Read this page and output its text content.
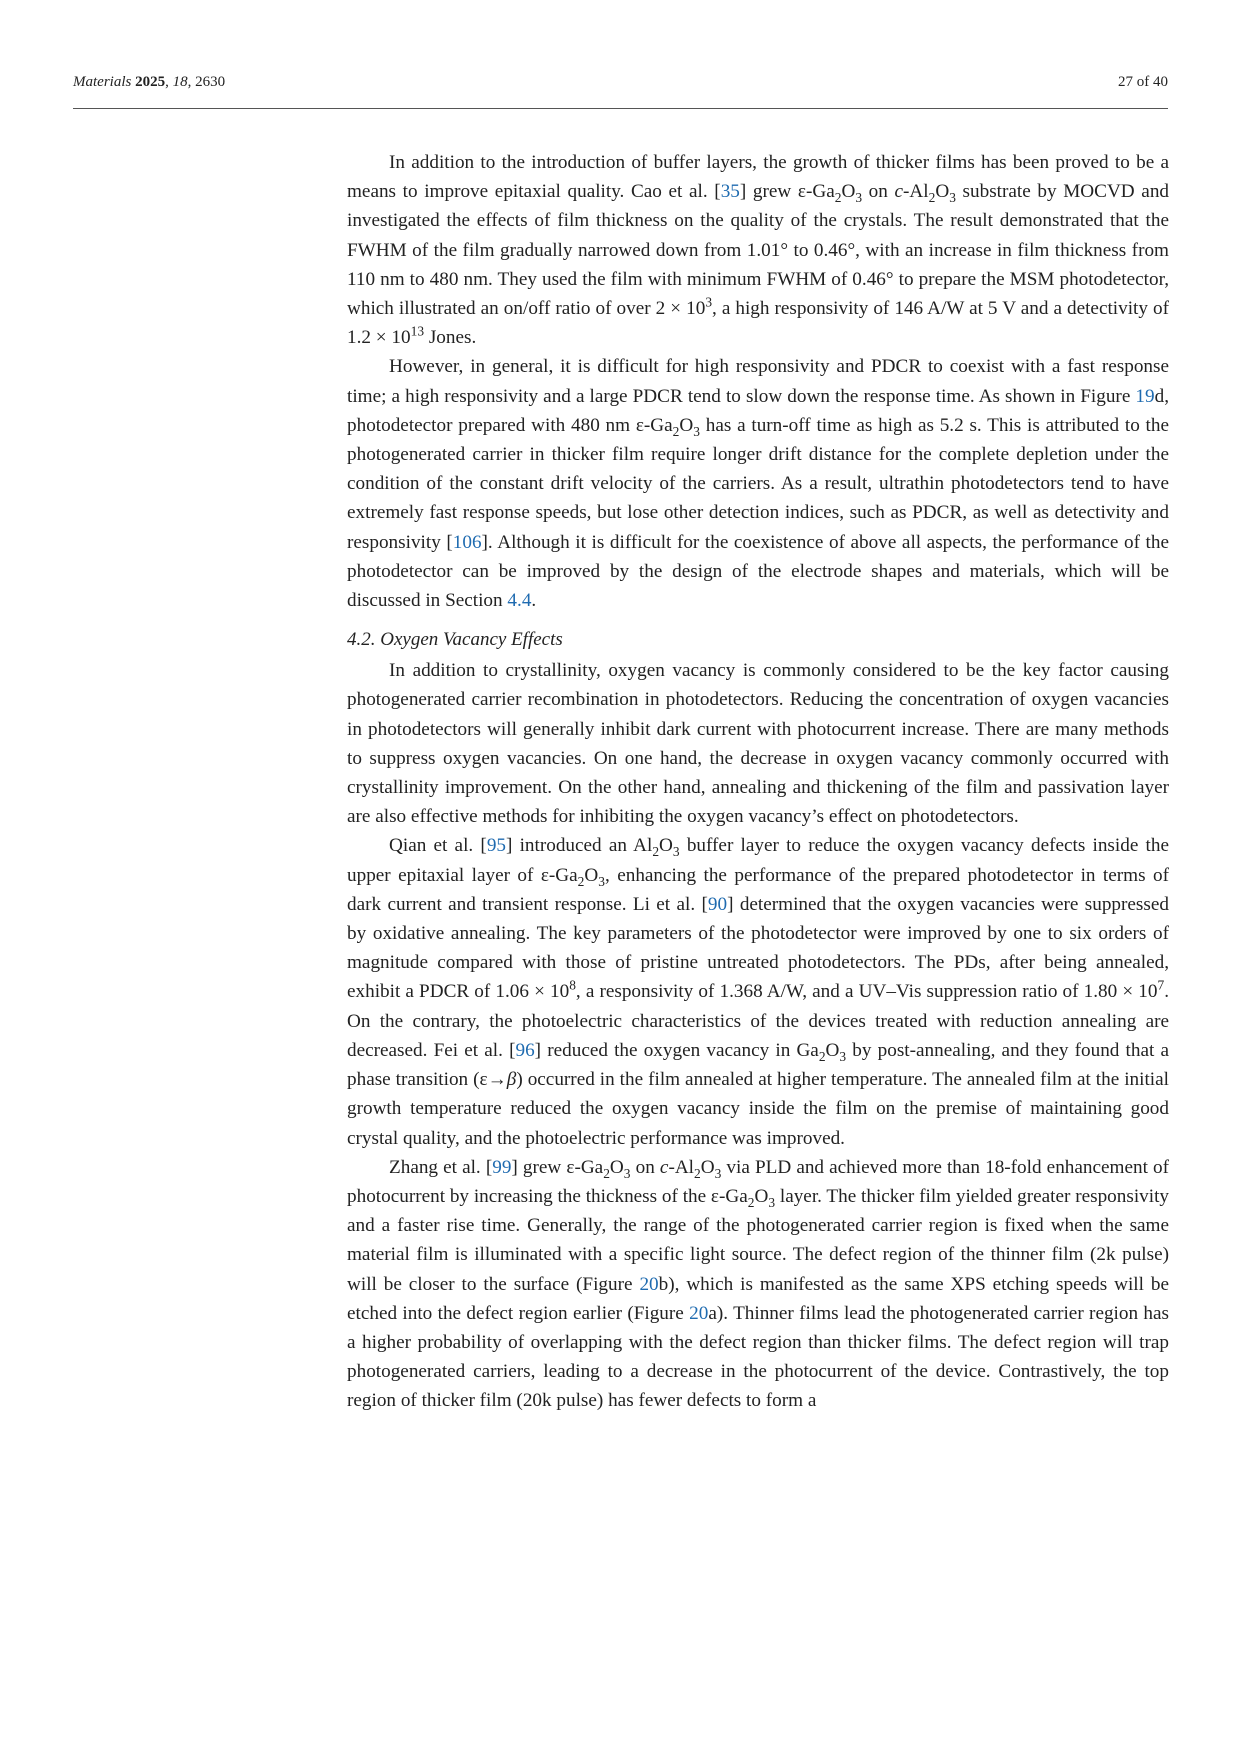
Materials 2025, 18, 2630	27 of 40

In addition to the introduction of buffer layers, the growth of thicker films has been proved to be a means to improve epitaxial quality. Cao et al. [35] grew $\varepsilon-Ga_2O_3$ on $c-Al_2O_3$ substrate by MOCVD and investigated the effects of film thickness on the quality of the crystals. The result demonstrated that the FWHM of the film gradually narrowed down from 1.01° to 0.46°, with an increase in film thickness from 110 nm to 480 nm. They used the film with minimum FWHM of 0.46° to prepare the MSM photodetector, which illustrated an on/off ratio of over $2 \times 10^3$, a high responsivity of 146 A/W at 5 V and a detectivity of $1.2 \times 10^{13}$ Jones.

However, in general, it is difficult for high responsivity and PDCR to coexist with a fast response time; a high responsivity and a large PDCR tend to slow down the response time. As shown in Figure 19d, photodetector prepared with 480 nm $\varepsilon-Ga_2O_3$ has a turn-off time as high as 5.2 s. This is attributed to the photogenerated carrier in thicker film require longer drift distance for the complete depletion under the condition of the constant drift velocity of the carriers. As a result, ultrathin photodetectors tend to have extremely fast response speeds, but lose other detection indices, such as PDCR, as well as detectivity and responsivity [106]. Although it is difficult for the coexistence of above all aspects, the performance of the photodetector can be improved by the design of the electrode shapes and materials, which will be discussed in Section 4.4.

4.2. Oxygen Vacancy Effects

In addition to crystallinity, oxygen vacancy is commonly considered to be the key factor causing photogenerated carrier recombination in photodetectors. Reducing the concentration of oxygen vacancies in photodetectors will generally inhibit dark current with photocurrent increase. There are many methods to suppress oxygen vacancies. On one hand, the decrease in oxygen vacancy commonly occurred with crystallinity improvement. On the other hand, annealing and thickening of the film and passivation layer are also effective methods for inhibiting the oxygen vacancy’s effect on photodetectors.

Qian et al. [95] introduced an $Al_2O_3$ buffer layer to reduce the oxygen vacancy defects inside the upper epitaxial layer of $\varepsilon-Ga_2O_3$, enhancing the performance of the prepared photodetector in terms of dark current and transient response. Li et al. [90] determined that the oxygen vacancies were suppressed by oxidative annealing. The key parameters of the photodetector were improved by one to six orders of magnitude compared with those of pristine untreated photodetectors. The PDs, after being annealed, exhibit a PDCR of $1.06 \times 10^8$, a responsivity of 1.368 A/W, and a UV–Vis suppression ratio of $1.80 \times 10^7$. On the contrary, the photoelectric characteristics of the devices treated with reduction annealing are decreased. Fei et al. [96] reduced the oxygen vacancy in $Ga_2O_3$ by post-annealing, and they found that a phase transition (ε→β) occurred in the film annealed at higher temperature. The annealed film at the initial growth temperature reduced the oxygen vacancy inside the film on the premise of maintaining good crystal quality, and the photoelectric performance was improved.

Zhang et al. [99] grew $\varepsilon-Ga_2O_3$ on $c-Al_2O_3$ via PLD and achieved more than 18-fold enhancement of photocurrent by increasing the thickness of the $\varepsilon-Ga_2O_3$ layer. The thicker film yielded greater responsivity and a faster rise time. Generally, the range of the photogenerated carrier region is fixed when the same material film is illuminated with a specific light source. The defect region of the thinner film (2k pulse) will be closer to the surface (Figure 20b), which is manifested as the same XPS etching speeds will be etched into the defect region earlier (Figure 20a). Thinner films lead the photogenerated carrier region has a higher probability of overlapping with the defect region than thicker films. The defect region will trap photogenerated carriers, leading to a decrease in the photocurrent of the device. Contrastively, the top region of thicker film (20k pulse) has fewer defects to form a
